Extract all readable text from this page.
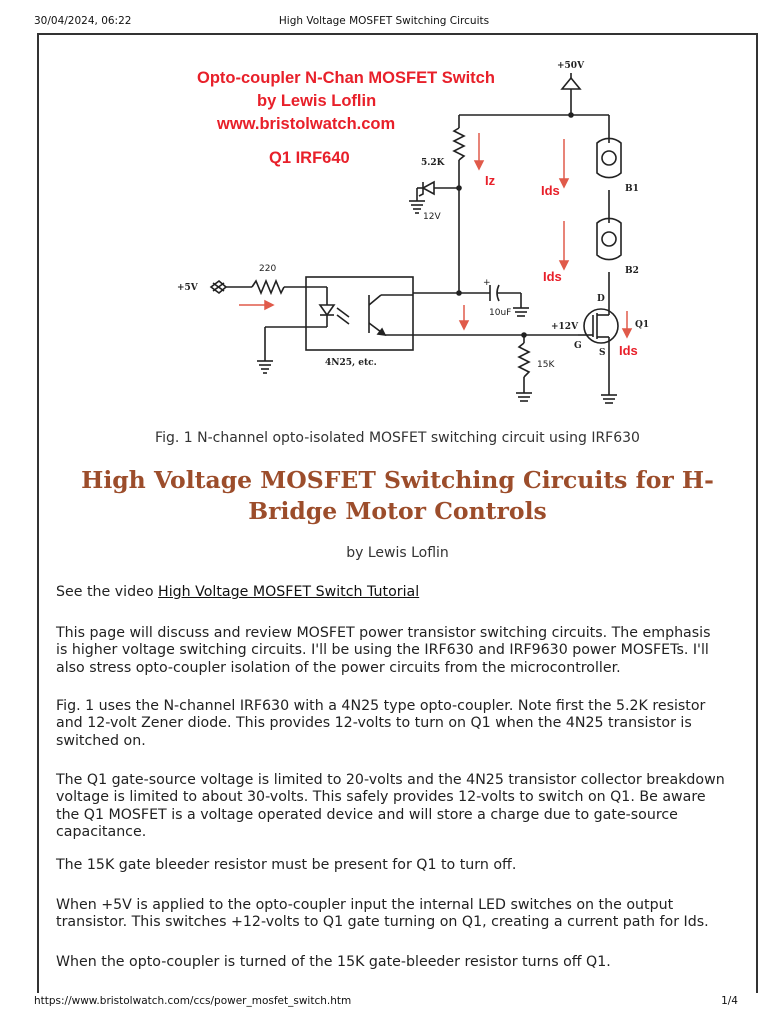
30/04/2024, 06:22	High Voltage MOSFET Switching Circuits
Opto-coupler N-Chan MOSFET Switch
by Lewis Loflin
www.bristolwatch.com
Q1 IRF640
+50V
5.2K
B1
B2
+5V
+12V
D
G
S
Q1
4N25, etc.
12V
220
10uF
+
15K
Iz
Ids
Ids
Ids
Fig. 1 N-channel opto-isolated MOSFET switching circuit using IRF630
High Voltage MOSFET Switching Circuits for H-Bridge Motor Controls
by Lewis Loflin

See the video High Voltage MOSFET Switch Tutorial

This page will discuss and review MOSFET power transistor switching circuits. The emphasis is higher voltage switching circuits. I'll be using the IRF630 and IRF9630 power MOSFETs. I'll also stress opto-coupler isolation of the power circuits from the microcontroller.

Fig. 1 uses the N-channel IRF630 with a 4N25 type opto-coupler. Note first the 5.2K resistor and 12-volt Zener diode. This provides 12-volts to turn on Q1 when the 4N25 transistor is switched on.

The Q1 gate-source voltage is limited to 20-volts and the 4N25 transistor collector breakdown voltage is limited to about 30-volts. This safely provides 12-volts to switch on Q1. Be aware the Q1 MOSFET is a voltage operated device and will store a charge due to gate-source capacitance.

The 15K gate bleeder resistor must be present for Q1 to turn off.

When +5V is applied to the opto-coupler input the internal LED switches on the output transistor. This switches +12-volts to Q1 gate turning on Q1, creating a current path for Ids.

When the opto-coupler is turned of the 15K gate-bleeder resistor turns off Q1.

https://www.bristolwatch.com/ccs/power_mosfet_switch.htm	1/4
